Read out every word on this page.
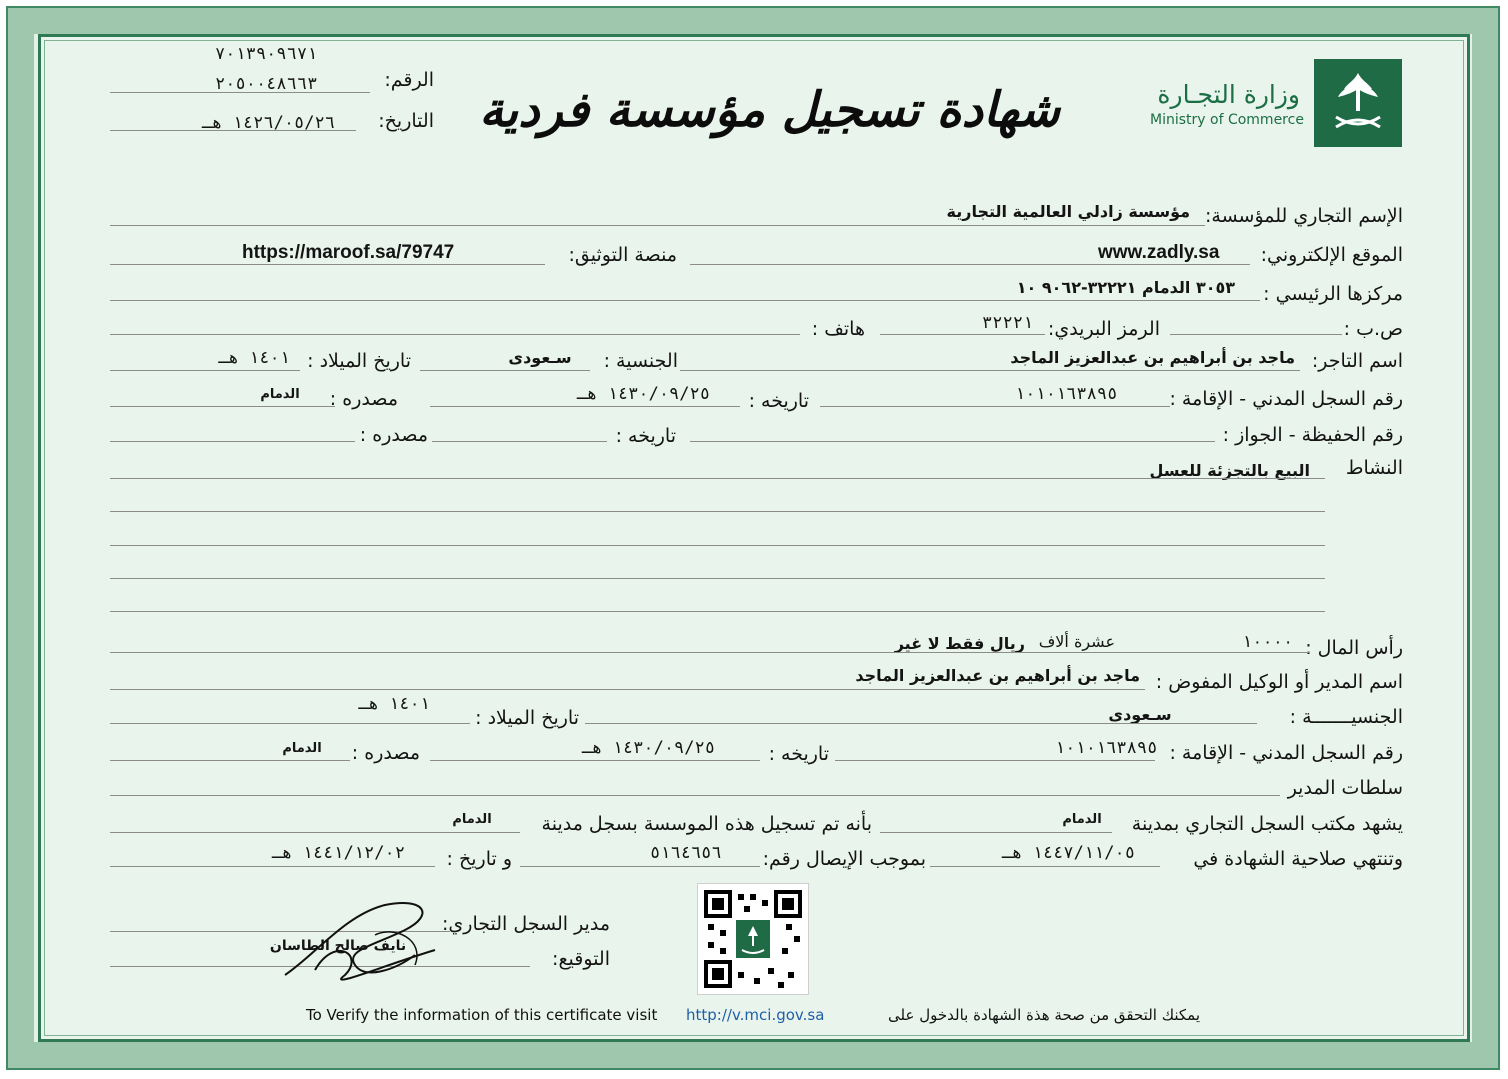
وزارة التجـارة
Ministry of Commerce
شهادة تسجيل مؤسسة فردية
٧٠١٣٩٠٩٦٧١
الرقم:
٢٠٥٠٠٤٨٦٦٣
التاريخ:
١٤٢٦/٠٥/٢٦ هـ
الإسم التجاري للمؤسسة:
مؤسسة زادلي العالمية التجارية
الموقع الإلكتروني:
www.zadly.sa
منصة التوثيق:
https://maroof.sa/79747
مركزها الرئيسي :
٣٠٥٣ الدمام ٣٢٢٢١-٩٠٦٢ ١٠
ص.ب :
الرمز البريدي:
٣٢٢٢١
هاتف :
اسم التاجر:
ماجد بن أبراهيم بن عبدالعزيز الماجد
الجنسية :
سـعودى
تاريخ الميلاد :
١٤٠١ هـ
رقم السجل المدني - الإقامة :
١٠١٠١٦٣٨٩٥
تاريخه :
١٤٣٠/٠٩/٢٥ هـ
مصدره :
الدمام
رقم الحفيظة - الجواز :
تاريخه :
مصدره :
النشاط
البيع بالتجزئة للعسل
رأس المال :
١٠٠٠٠
عشرة ألاف
ريال فقط لا غير
اسم المدير أو الوكيل المفوض :
ماجد بن أبراهيم بن عبدالعزيز الماجد
الجنسيـــــــة :
سـعودى
تاريخ الميلاد :
١٤٠١ هـ
رقم السجل المدني - الإقامة :
١٠١٠١٦٣٨٩٥
تاريخه :
١٤٣٠/٠٩/٢٥ هـ
مصدره :
الدمام
سلطات المدير
يشهد مكتب السجل التجاري بمدينة
الدمام
بأنه تم تسجيل هذه الموسسة بسجل مدينة
الدمام
وتنتهي صلاحية الشهادة في
١٤٤٧/١١/٠٥ هـ
بموجب الإيصال رقم:
٥١٦٤٦٥٦
و تاريخ :
١٤٤١/١٢/٠٢ هـ
مدير السجل التجاري:
التوقيع:
نايف صالح الطاسان
To Verify the information of this certificate visit http://v.mci.gov.sa	يمكنك التحقق من صحة هذة الشهادة بالدخول على
